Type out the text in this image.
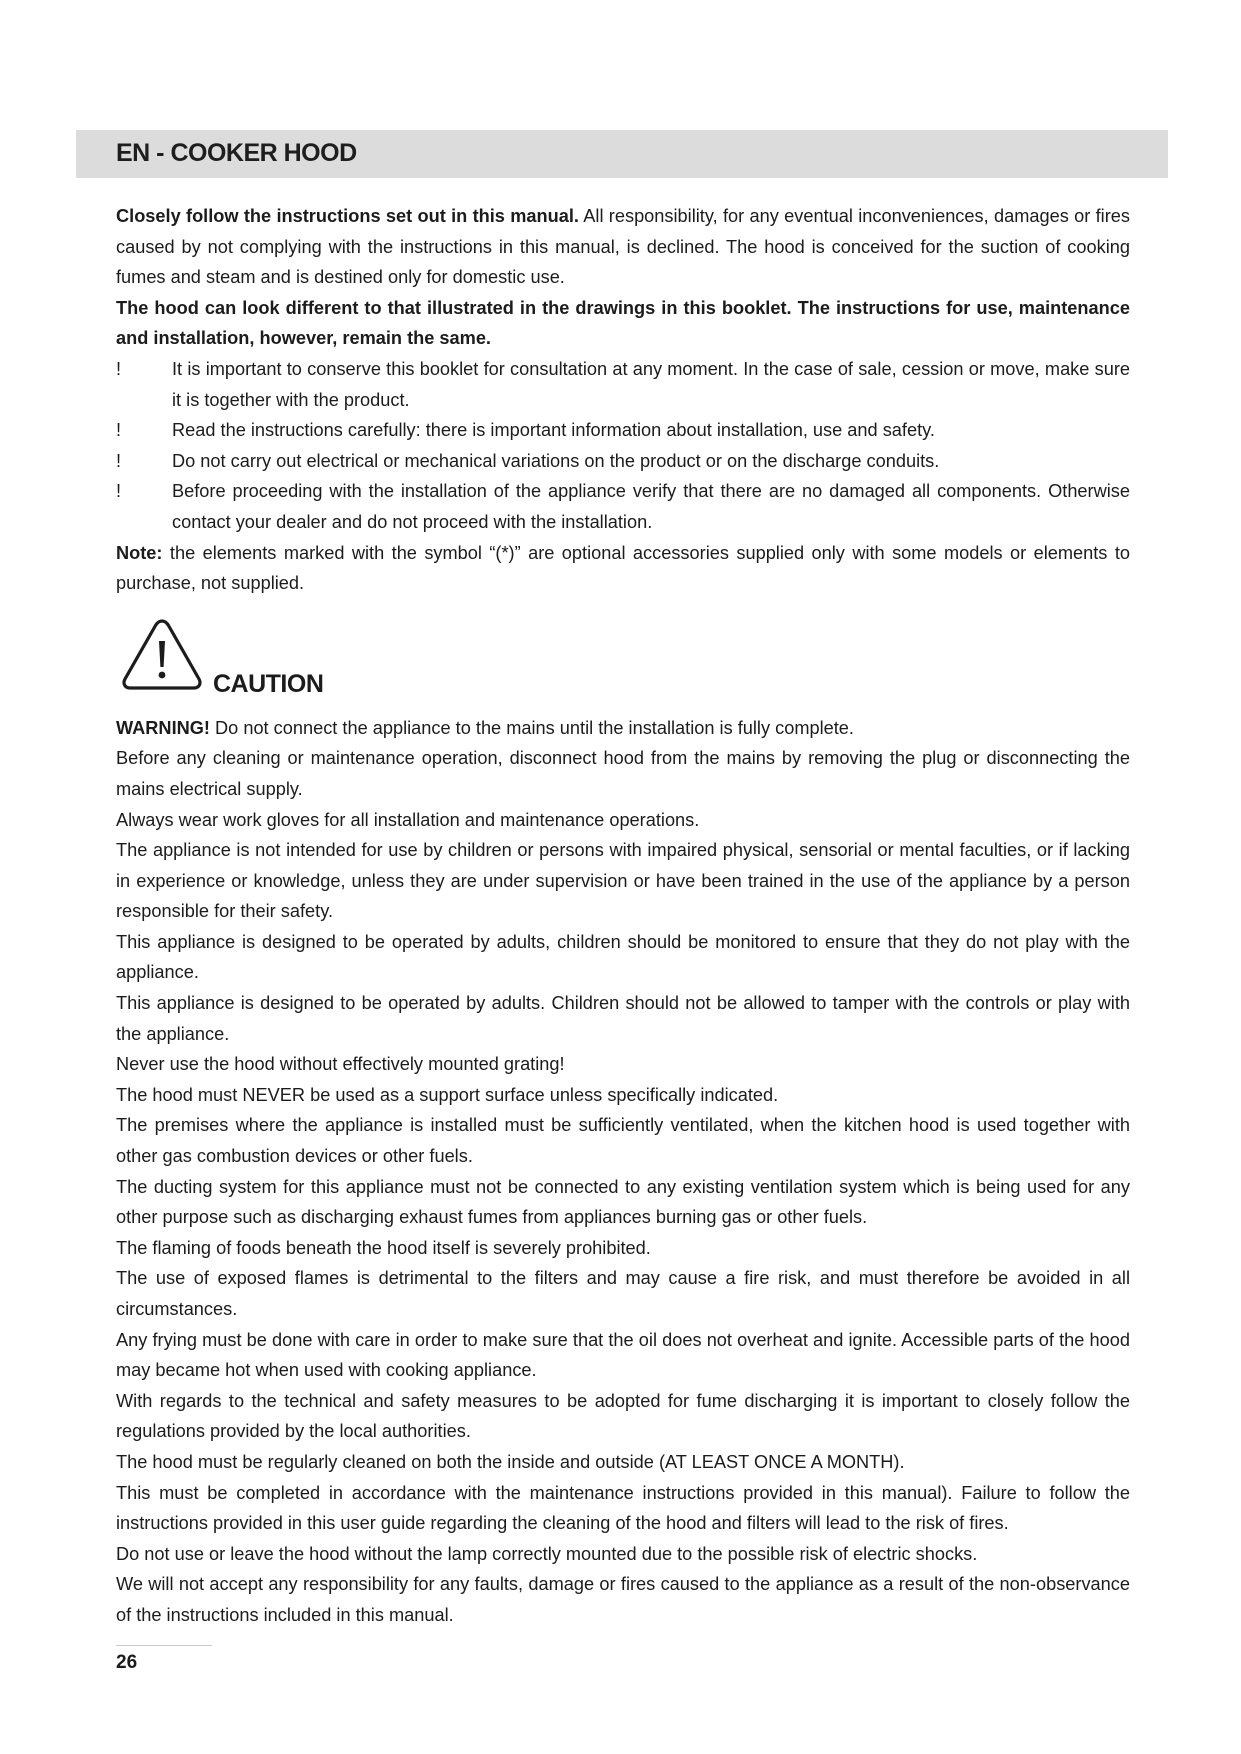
EN - COOKER HOOD

Closely follow the instructions set out in this manual. All responsibility, for any eventual inconveniences, damages or fires caused by not complying with the instructions in this manual, is declined. The hood is conceived for the suction of cooking fumes and steam and is destined only for domestic use.

The hood can look different to that illustrated in the drawings in this booklet. The instructions for use, maintenance and installation, however, remain the same.

!	It is important to conserve this booklet for consultation at any moment. In the case of sale, cession or move, make sure it is together with the product.

!	Read the instructions carefully: there is important information about installation, use and safety.

!	Do not carry out electrical or mechanical variations on the product or on the discharge conduits.

!	Before proceeding with the installation of the appliance verify that there are no damaged all components. Otherwise contact your dealer and do not proceed with the installation.

Note: the elements marked with the symbol “(*)” are optional accessories supplied only with some models or elements to purchase, not supplied.

CAUTION

WARNING! Do not connect the appliance to the mains until the installation is fully complete.

Before any cleaning or maintenance operation, disconnect hood from the mains by removing the plug or disconnecting the mains electrical supply.

Always wear work gloves for all installation and maintenance operations.

The appliance is not intended for use by children or persons with impaired physical, sensorial or mental faculties, or if lacking in experience or knowledge, unless they are under supervision or have been trained in the use of the appliance by a person responsible for their safety.

This appliance is designed to be operated by adults, children should be monitored to ensure that they do not play with the appliance.

This appliance is designed to be operated by adults. Children should not be allowed to tamper with the controls or play with the appliance.

Never use the hood without effectively mounted grating!

The hood must NEVER be used as a support surface unless specifically indicated.

The premises where the appliance is installed must be sufficiently ventilated, when the kitchen hood is used together with other gas combustion devices or other fuels.

The ducting system for this appliance must not be connected to any existing ventilation system which is being used for any other purpose such as discharging exhaust fumes from appliances burning gas or other fuels.

The flaming of foods beneath the hood itself is severely prohibited.

The use of exposed flames is detrimental to the filters and may cause a fire risk, and must therefore be avoided in all circumstances.

Any frying must be done with care in order to make sure that the oil does not overheat and ignite. Accessible parts of the hood may became hot when used with cooking appliance.

With regards to the technical and safety measures to be adopted for fume discharging it is important to closely follow the regulations provided by the local authorities.

The hood must be regularly cleaned on both the inside and outside (AT LEAST ONCE A MONTH).

This must be completed in accordance with the maintenance instructions provided in this manual). Failure to follow the instructions provided in this user guide regarding the cleaning of the hood and filters will lead to the risk of fires.

Do not use or leave the hood without the lamp correctly mounted due to the possible risk of electric shocks.

We will not accept any responsibility for any faults, damage or fires caused to the appliance as a result of the non-observance of the instructions included in this manual.

26
